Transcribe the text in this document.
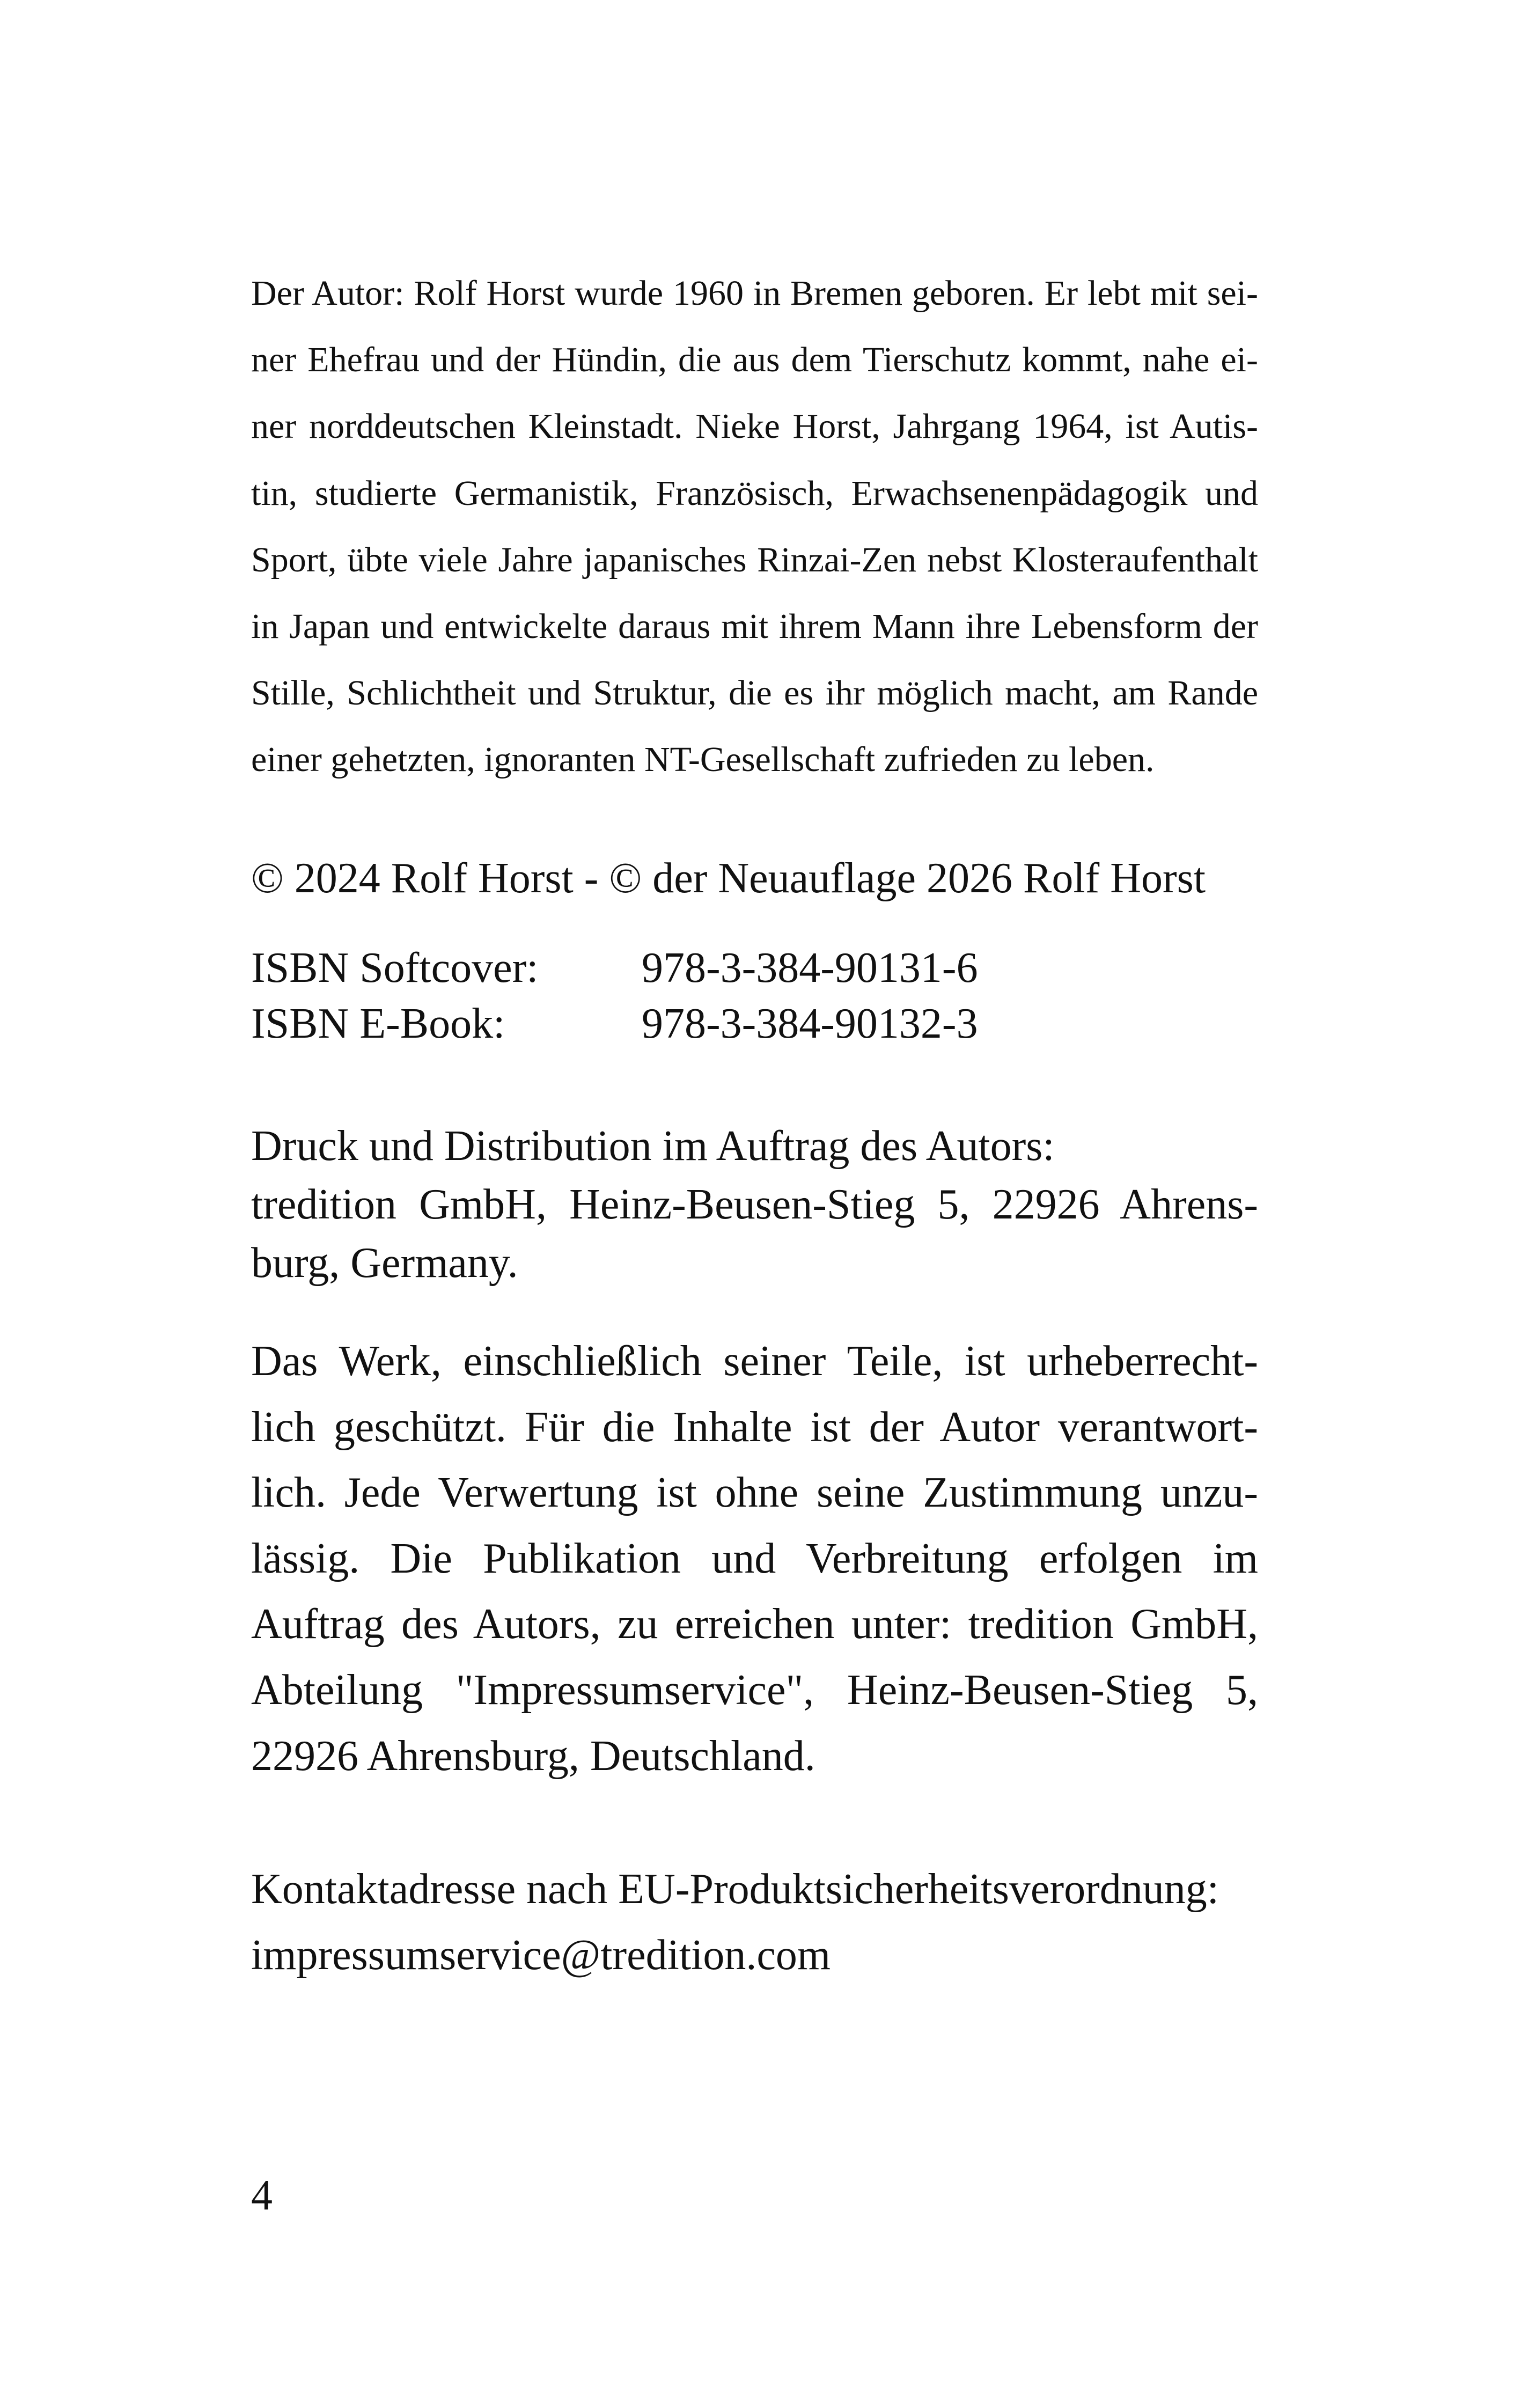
Der Autor: Rolf Horst wurde 1960 in Bremen geboren. Er lebt mit sei-
ner Ehefrau und der Hündin, die aus dem Tierschutz kommt, nahe ei-
ner norddeutschen Kleinstadt. Nieke Horst, Jahrgang 1964, ist Autis-
tin, studierte Germanistik, Französisch, Erwachsenenpädagogik und
Sport, übte viele Jahre japanisches Rinzai-Zen nebst Klosteraufenthalt
in Japan und entwickelte daraus mit ihrem Mann ihre Lebensform der
Stille, Schlichtheit und Struktur, die es ihr möglich macht, am Rande
einer gehetzten, ignoranten NT-Gesellschaft zufrieden zu leben.
© 2024 Rolf Horst - © der Neuauflage 2026 Rolf Horst
ISBN Softcover: 978-3-384-90131-6
ISBN E-Book:	978-3-384-90132-3
Druck und Distribution im Auftrag des Autors:
tredition GmbH, Heinz-Beusen-Stieg 5, 22926 Ahrens-
burg, Germany.
Das Werk, einschließlich seiner Teile, ist urheberrecht-
lich geschützt. Für die Inhalte ist der Autor verantwort-
lich. Jede Verwertung ist ohne seine Zustimmung unzu-
lässig. Die Publikation und Verbreitung erfolgen im
Auftrag des Autors, zu erreichen unter: tredition GmbH,
Abteilung "Impressumservice", Heinz-Beusen-Stieg 5,
22926 Ahrensburg, Deutschland.
Kontaktadresse nach EU-Produktsicherheitsverordnung:
impressumservice@tredition.com
4
